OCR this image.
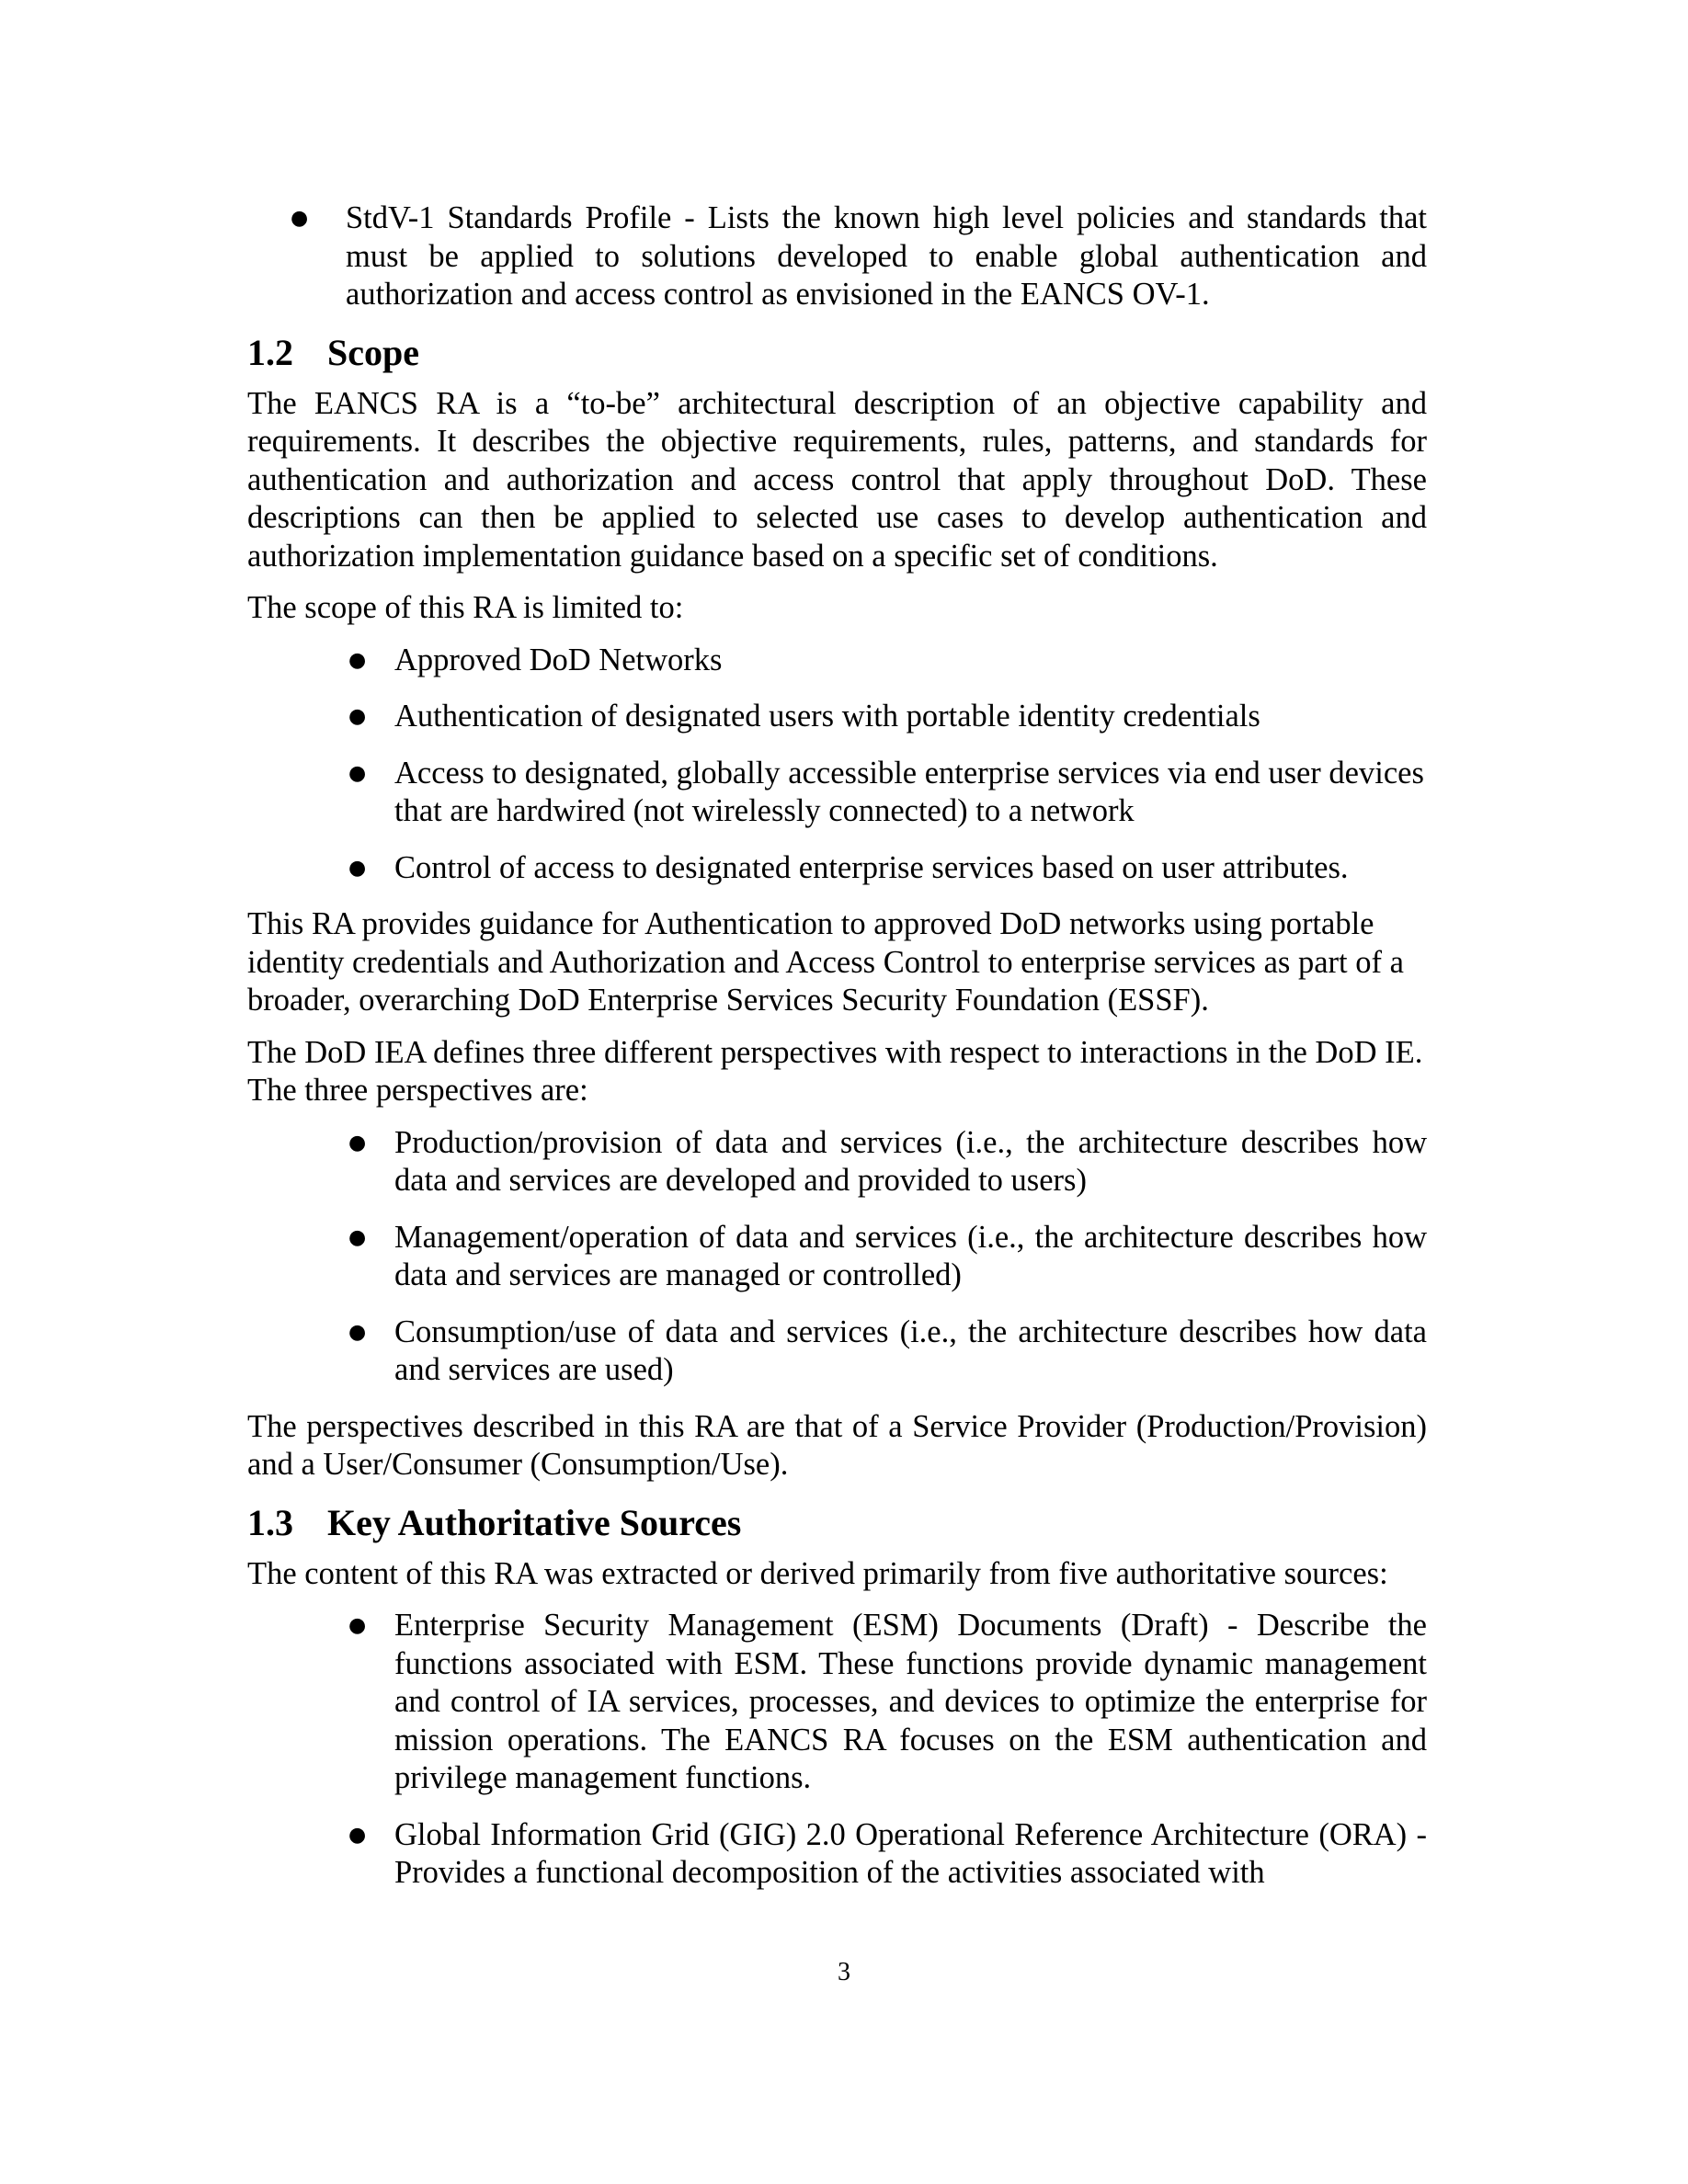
● StdV-1 Standards Profile - Lists the known high level policies and standards that must be applied to solutions developed to enable global authentication and authorization and access control as envisioned in the EANCS OV-1.
1.2 Scope

The EANCS RA is a “to-be” architectural description of an objective capability and requirements. It describes the objective requirements, rules, patterns, and standards for authentication and authorization and access control that apply throughout DoD. These descriptions can then be applied to selected use cases to develop authentication and authorization implementation guidance based on a specific set of conditions.

The scope of this RA is limited to:

● Approved DoD Networks
● Authentication of designated users with portable identity credentials
● Access to designated, globally accessible enterprise services via end user devices that are hardwired (not wirelessly connected) to a network
● Control of access to designated enterprise services based on user attributes.

This RA provides guidance for Authentication to approved DoD networks using portable identity credentials and Authorization and Access Control to enterprise services as part of a broader, overarching DoD Enterprise Services Security Foundation (ESSF).

The DoD IEA defines three different perspectives with respect to interactions in the DoD IE. The three perspectives are:

● Production/provision of data and services (i.e., the architecture describes how data and services are developed and provided to users)
● Management/operation of data and services (i.e., the architecture describes how data and services are managed or controlled)
● Consumption/use of data and services (i.e., the architecture describes how data and services are used)

The perspectives described in this RA are that of a Service Provider (Production/Provision) and a User/Consumer (Consumption/Use).

1.3 Key Authoritative Sources

The content of this RA was extracted or derived primarily from five authoritative sources:

● Enterprise Security Management (ESM) Documents (Draft) - Describe the functions associated with ESM. These functions provide dynamic management and control of IA services, processes, and devices to optimize the enterprise for mission operations. The EANCS RA focuses on the ESM authentication and privilege management functions.
● Global Information Grid (GIG) 2.0 Operational Reference Architecture (ORA) - Provides a functional decomposition of the activities associated with
3
